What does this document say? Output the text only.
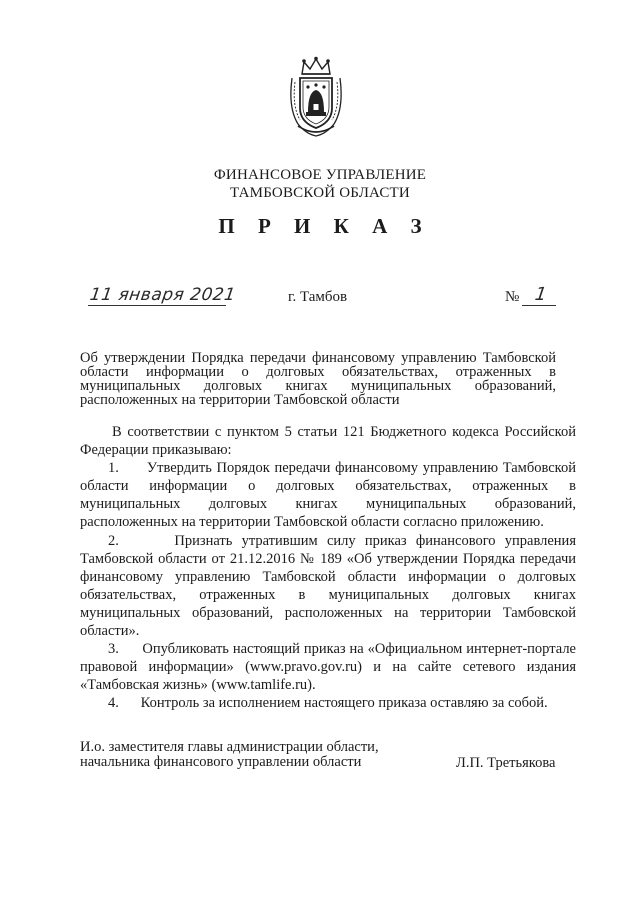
ФИНАНСОВОЕ УПРАВЛЕНИЕ
ТАМБОВСКОЙ ОБЛАСТИ
П Р И К А З
11 января 2021	г. Тамбов	№ 1
Об утверждении Порядка передачи финансовому управлению Тамбовской области информации о долговых обязательствах, отраженных в муниципальных долговых книгах муниципальных образований, расположенных на территории Тамбовской области

В соответствии с пунктом 5 статьи 121 Бюджетного кодекса Российской Федерации приказываю:

1.      Утвердить Порядок передачи финансовому управлению Тамбовской области информации о долговых обязательствах, отраженных в муниципальных долговых книгах муниципальных образований, расположенных на территории Тамбовской области согласно приложению.

2.      Признать утратившим силу приказ финансового управления Тамбовской области от 21.12.2016 № 189 «Об утверждении Порядка передачи финансовому управлению Тамбовской области информации о долговых обязательствах, отраженных в муниципальных долговых книгах муниципальных образований, расположенных на территории Тамбовской области».

3.      Опубликовать настоящий приказ на «Официальном интернет-портале правовой информации» (www.pravo.gov.ru) и на сайте сетевого издания «Тамбовская жизнь» (www.tamlife.ru).

4.      Контроль за исполнением настоящего приказа оставляю за собой.

И.о. заместителя главы администрации области,
начальника финансового управлении области	Л.П. Третьякова
